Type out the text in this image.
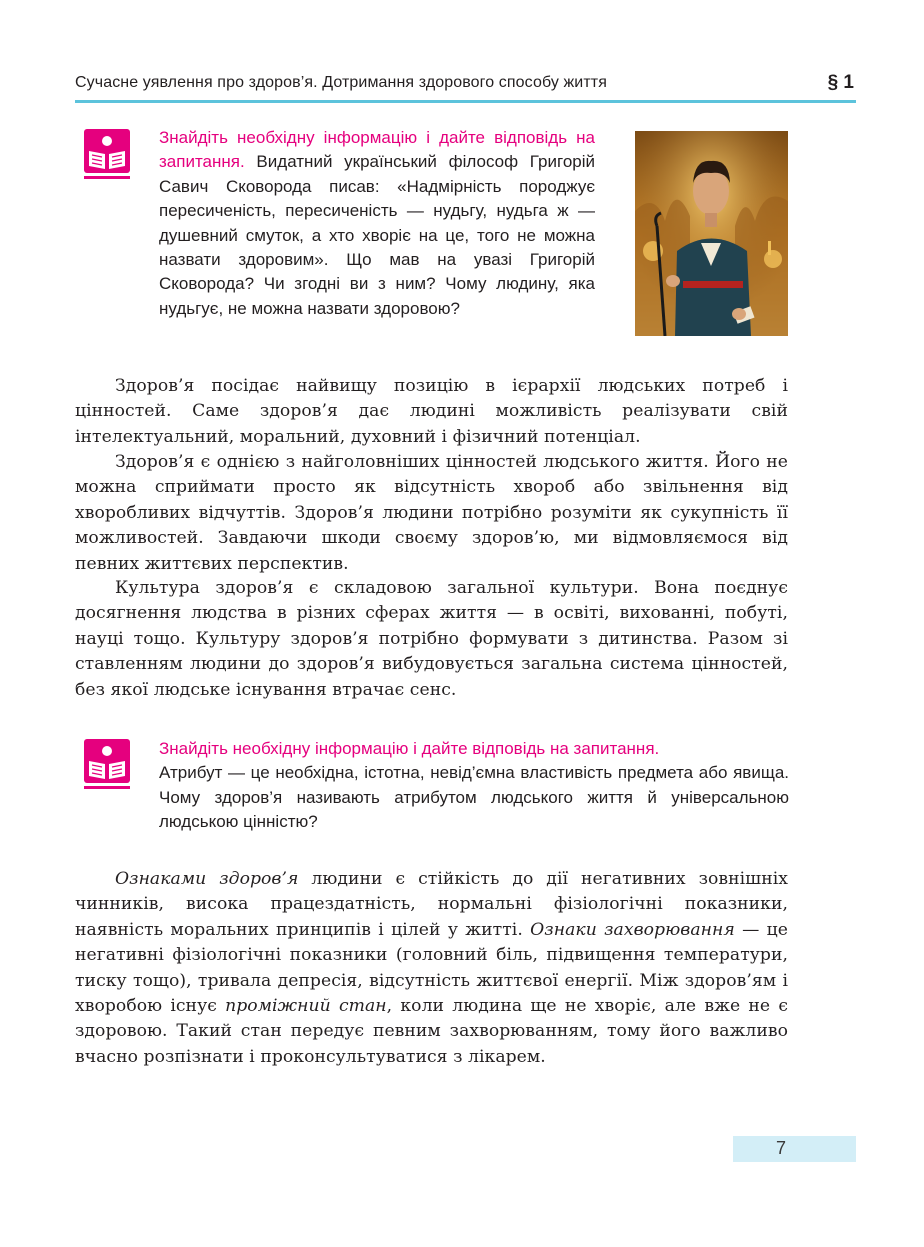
Сучасне уявлення про здоров’я. Дотримання здорового способу життя	§ 1
Знайдіть необхідну інформацію і дайте відповідь на запитання. Видатний український філософ Григорій Савич Сковорода писав: «Надмірність породжує пересиченість, пересиченість — нудьгу, нудьга ж — душевний смуток, а хто хворіє на це, того не можна назвати здоровим». Що мав на увазі Григорій Сковорода? Чи згодні ви з ним? Чому людину, яка нудьгує, не можна назвати здоровою?

Здоров’я посідає найвищу позицію в ієрархії людських потреб і цінностей. Саме здоров’я дає людині можливість реалізувати свій інтелектуальний, моральний, духовний і фізичний потенціал.

Здоров’я є однією з найголовніших цінностей людського життя. Його не можна сприймати просто як відсутність хвороб або звільнення від хворобливих відчуттів. Здоров’я людини потрібно розуміти як сукупність її можливостей. Завдаючи шкоди своєму здоров’ю, ми відмовляємося від певних життєвих перспектив.

Культура здоров’я є складовою загальної культури. Вона поєднує досягнення людства в різних сферах життя — в освіті, вихованні, побуті, науці тощо. Культуру здоров’я потрібно формувати з дитинства. Разом зі ставленням людини до здоров’я вибудовується загальна система цінностей, без якої людське існування втрачає сенс.

Знайдіть необхідну інформацію і дайте відповідь на запитання.
Атрибут — це необхідна, істотна, невід’ємна властивість предмета або явища. Чому здоров’я називають атрибутом людського життя й універсальною людською цінністю?

Ознаками здоров’я людини є стійкість до дії негативних зовнішніх чинників, висока працездатність, нормальні фізіологічні показники, наявність моральних принципів і цілей у житті. Ознаки захворювання — це негативні фізіологічні показники (головний біль, підвищення температури, тиску тощо), тривала депресія, відсутність життєвої енергії. Між здоров’ям і хворобою існує проміжний стан, коли людина ще не хворіє, але вже не є здоровою. Такий стан передує певним захворюванням, тому його важливо вчасно розпізнати і проконсультуватися з лікарем.

7
